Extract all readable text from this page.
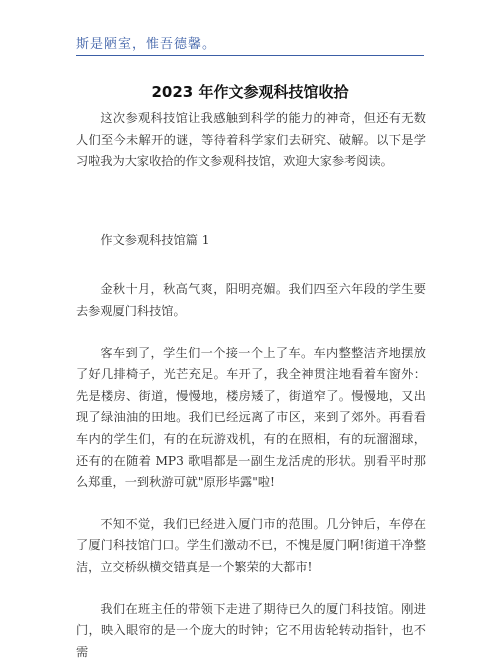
斯是陋室，惟吾德馨。
2023 年作文参观科技馆收拾

这次参观科技馆让我感触到科学的能力的神奇，但还有无数人们至今未解开的谜，等待着科学家们去研究、破解。以下是学习啦我为大家收拾的作文参观科技馆，欢迎大家参考阅读。

作文参观科技馆篇 1

金秋十月，秋高气爽，阳明亮媚。我们四至六年段的学生要去参观厦门科技馆。

客车到了，学生们一个接一个上了车。车内整整洁齐地摆放了好几排椅子，光芒充足。车开了，我全神贯注地看着车窗外：先是楼房、街道，慢慢地，楼房矮了，街道窄了。慢慢地，又出现了绿油油的田地。我们已经远离了市区，来到了郊外。再看看车内的学生们，有的在玩游戏机，有的在照相，有的玩溜溜球，还有的在随着 MP3 歌唱都是一副生龙活虎的形状。别看平时那么郑重，一到秋游可就"原形毕露"啦!

不知不觉，我们已经进入厦门市的范围。几分钟后，车停在了厦门科技馆门口。学生们激动不已，不愧是厦门啊!街道干净整洁，立交桥纵横交错真是一个繁荣的大都市!

我们在班主任的带领下走进了期待已久的厦门科技馆。刚进门，映入眼帘的是一个庞大的时钟；它不用齿轮转动指针，也不需
